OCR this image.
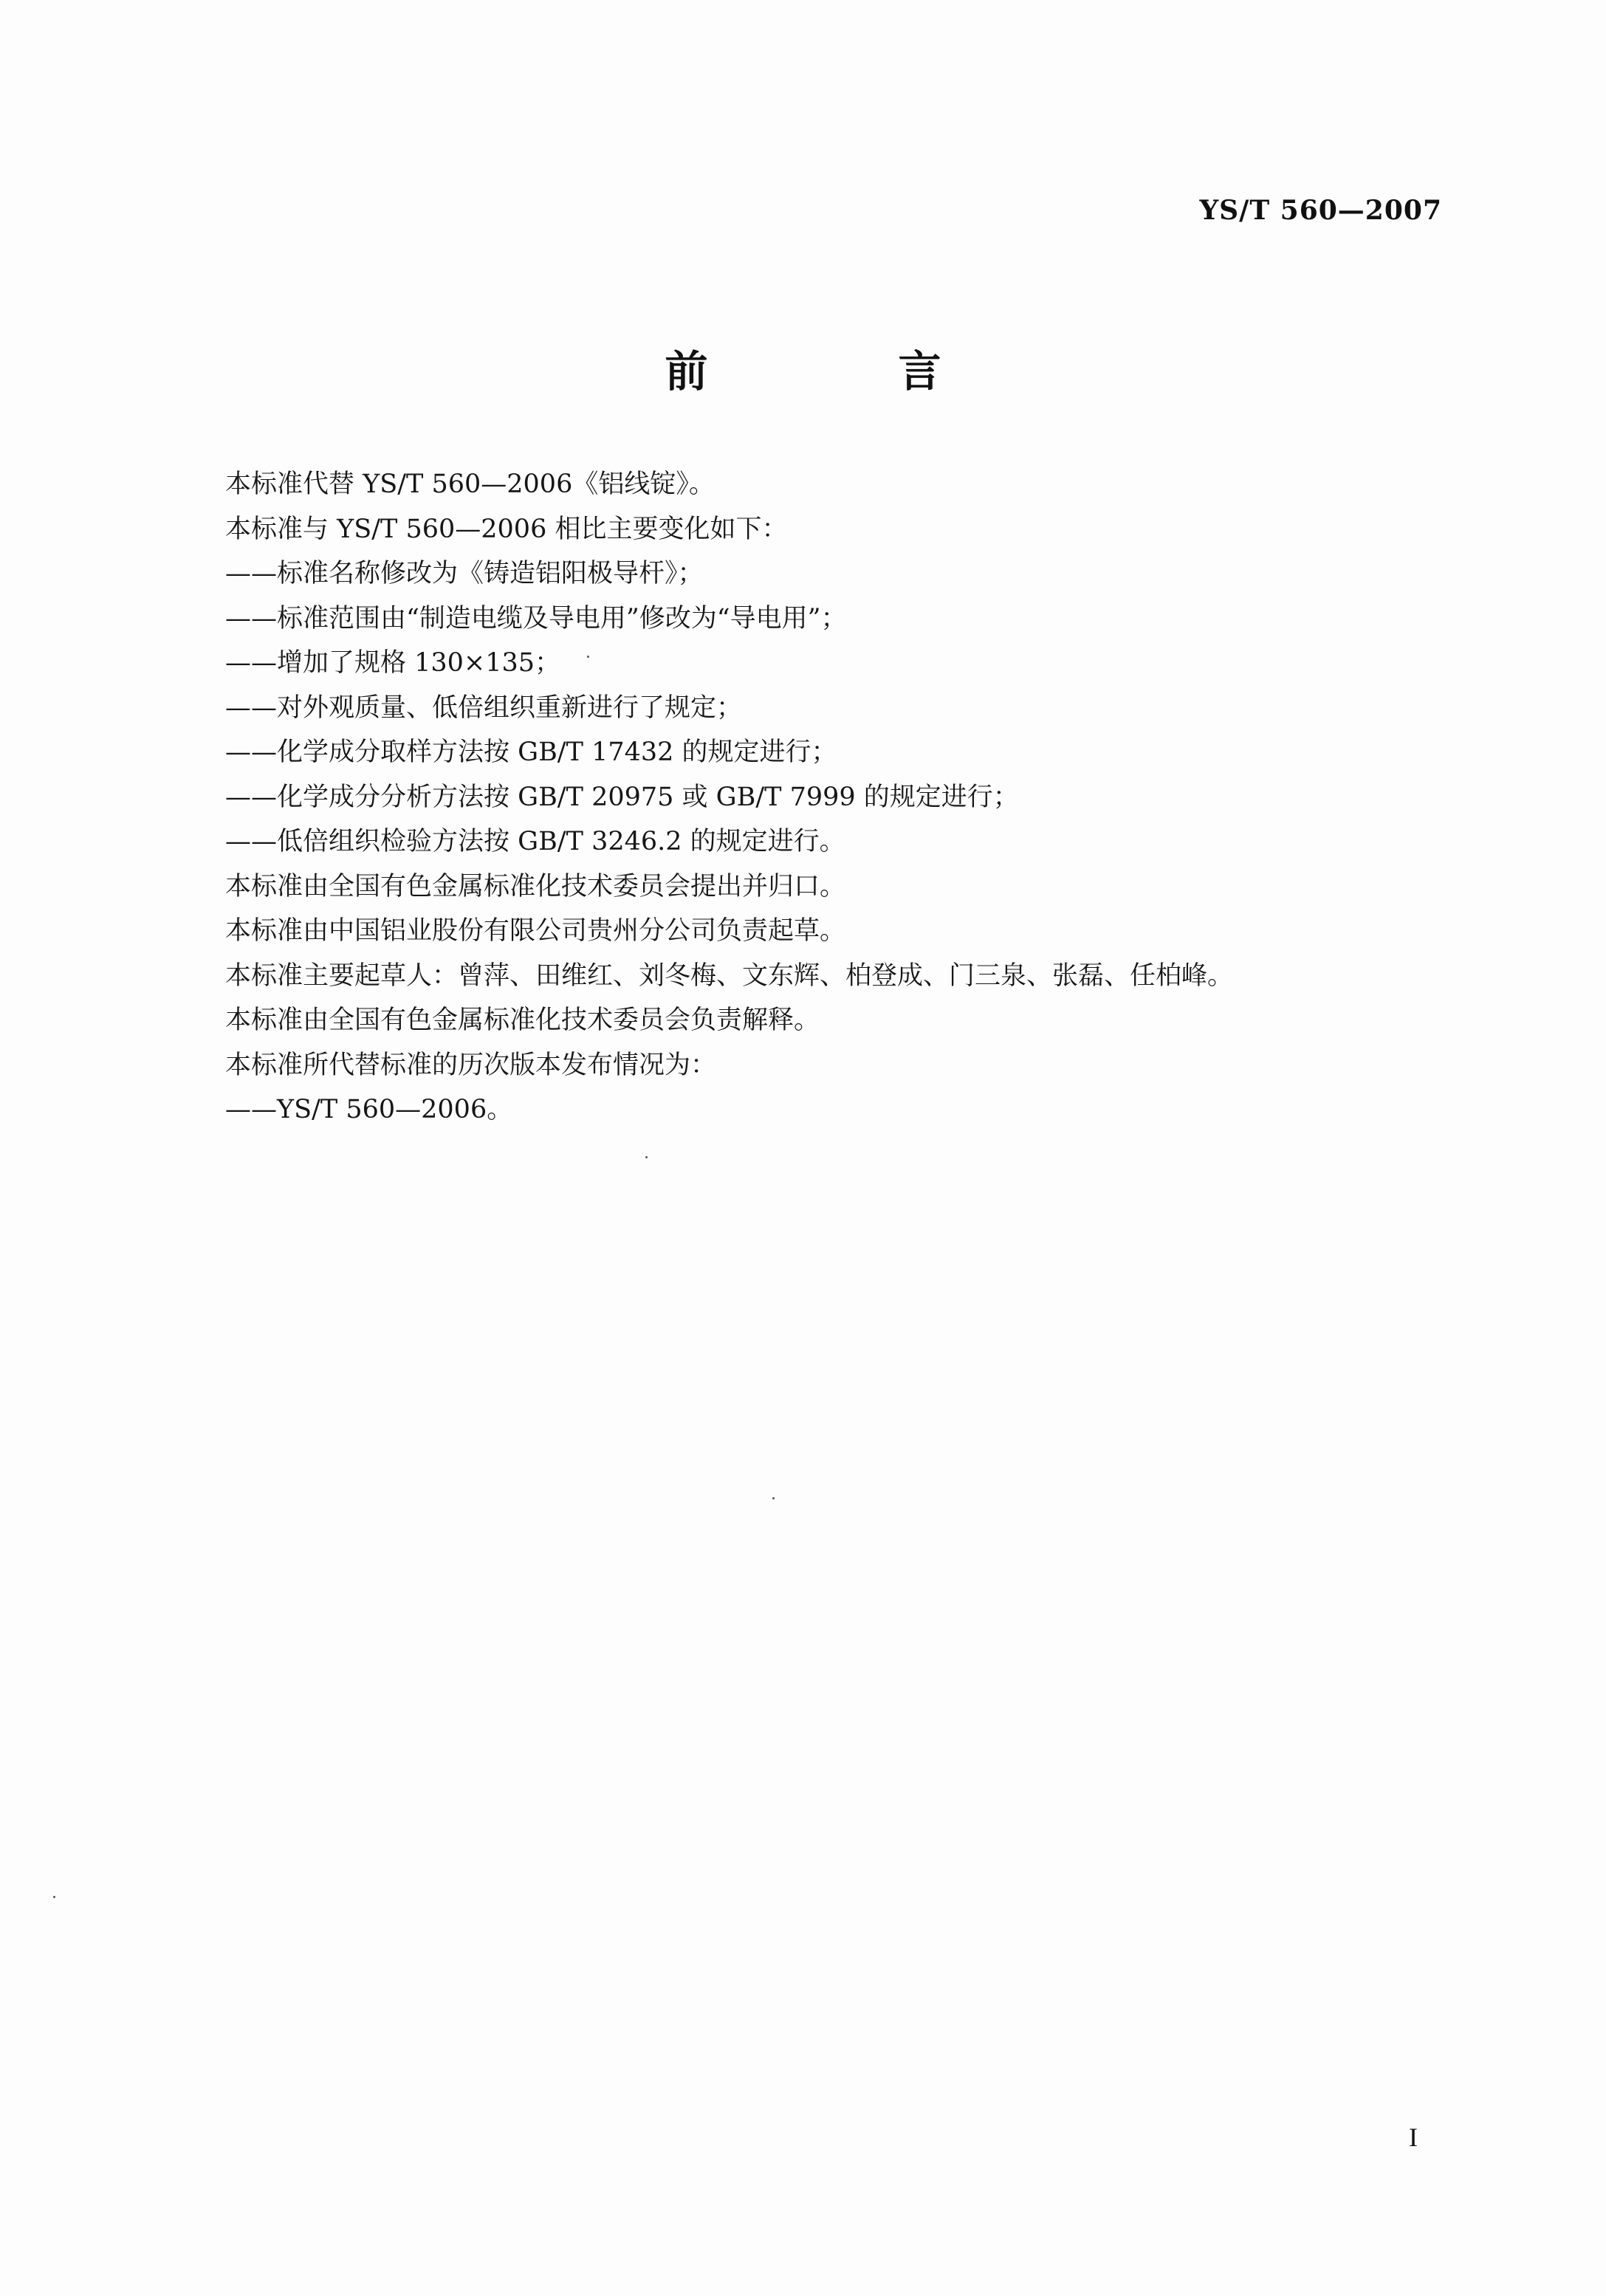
YS/T 560—2007
前　言
本标准代替 YS/T 560—2006《铝线锭》。
本标准与 YS/T 560—2006 相比主要变化如下：
——标准名称修改为《铸造铝阳极导杆》；
——标准范围由“制造电缆及导电用”修改为“导电用”；
——增加了规格 130×135；
——对外观质量、低倍组织重新进行了规定；
——化学成分取样方法按 GB/T 17432 的规定进行；
——化学成分分析方法按 GB/T 20975 或 GB/T 7999 的规定进行；
——低倍组织检验方法按 GB/T 3246.2 的规定进行。
本标准由全国有色金属标准化技术委员会提出并归口。
本标准由中国铝业股份有限公司贵州分公司负责起草。
本标准主要起草人：曾萍、田维红、刘冬梅、文东辉、柏登成、门三泉、张磊、任柏峰。
本标准由全国有色金属标准化技术委员会负责解释。
本标准所代替标准的历次版本发布情况为：
——YS/T 560—2006。
I
